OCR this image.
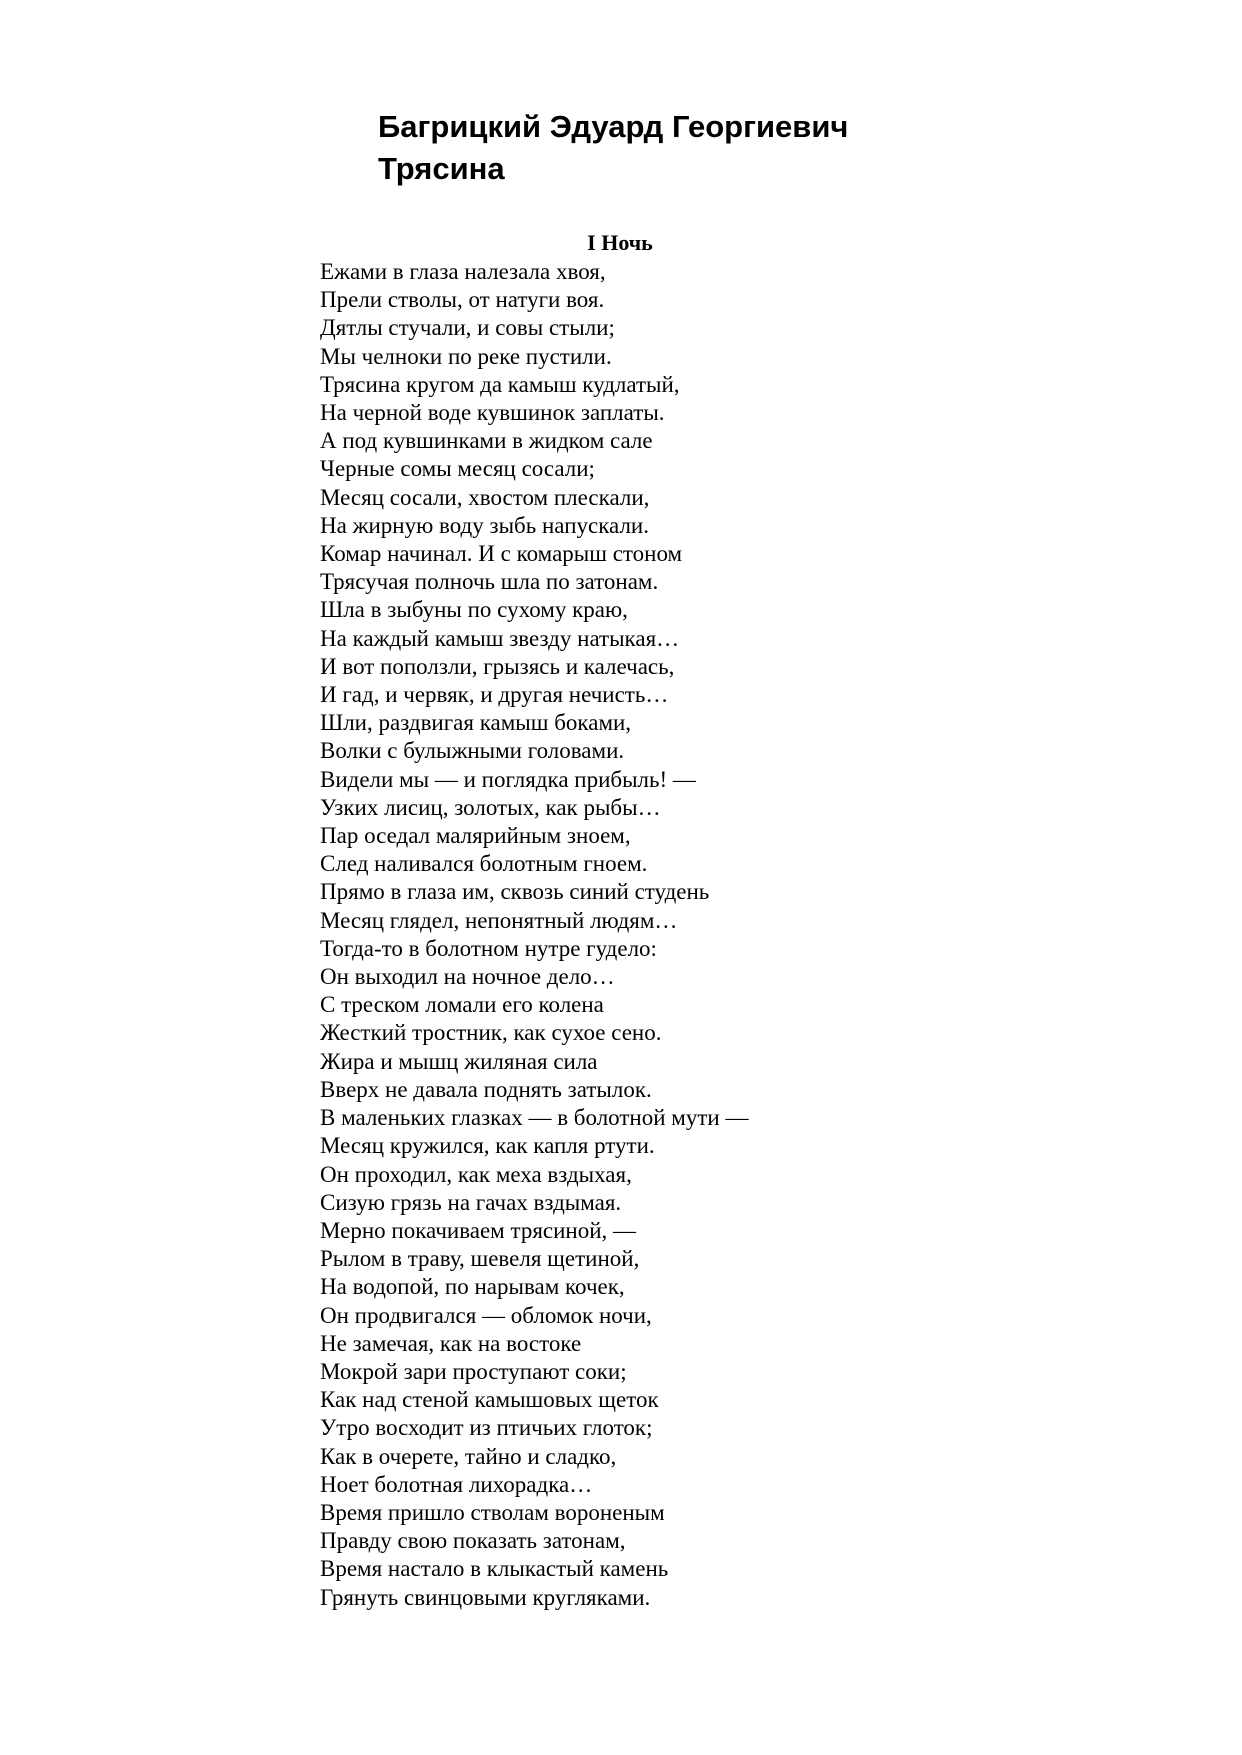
Багрицкий Эдуард Георгиевич
Трясина
I Ночь
Ежами в глаза налезала хвоя,
Прели стволы, от натуги воя.
Дятлы стучали, и совы стыли;
Мы челноки по реке пустили.
Трясина кругом да камыш кудлатый,
На черной воде кувшинок заплаты.
А под кувшинками в жидком сале
Черные сомы месяц сосали;
Месяц сосали, хвостом плескали,
На жирную воду зыбь напускали.
Комар начинал. И с комарыш стоном
Трясучая полночь шла по затонам.
Шла в зыбуны по сухому краю,
На каждый камыш звезду натыкая…
И вот поползли, грызясь и калечась,
И гад, и червяк, и другая нечисть…
Шли, раздвигая камыш боками,
Волки с булыжными головами.
Видели мы — и поглядка прибыль! —
Узких лисиц, золотых, как рыбы…
Пар оседал малярийным зноем,
След наливался болотным гноем.
Прямо в глаза им, сквозь синий студень
Месяц глядел, непонятный людям…
Тогда-то в болотном нутре гудело:
Он выходил на ночное дело…
С треском ломали его колена
Жесткий тростник, как сухое сено.
Жира и мышц жиляная сила
Вверх не давала поднять затылок.
В маленьких глазках — в болотной мути —
Месяц кружился, как капля ртути.
Он проходил, как меха вздыхая,
Сизую грязь на гачах вздымая.
Мерно покачиваем трясиной, —
Рылом в траву, шевеля щетиной,
На водопой, по нарывам кочек,
Он продвигался — обломок ночи,
Не замечая, как на востоке
Мокрой зари проступают соки;
Как над стеной камышовых щеток
Утро восходит из птичьих глоток;
Как в очерете, тайно и сладко,
Ноет болотная лихорадка…
Время пришло стволам вороненым
Правду свою показать затонам,
Время настало в клыкастый камень
Грянуть свинцовыми кругляками.
